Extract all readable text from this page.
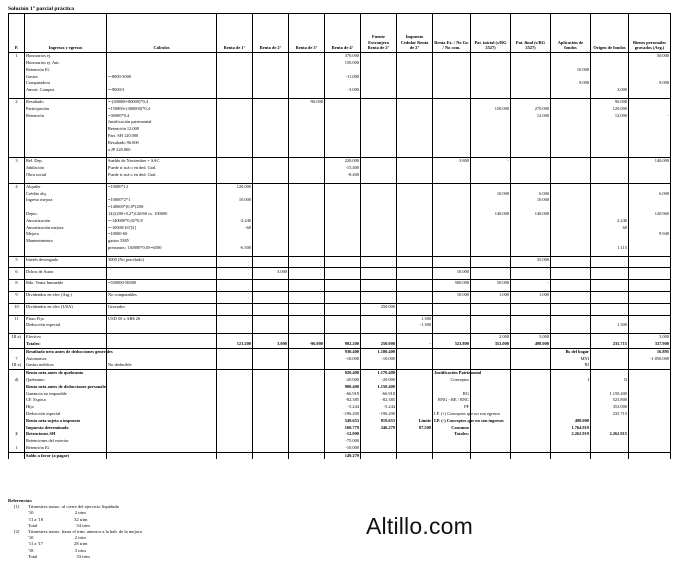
Solución 1° parcial práctica
P.	Ingresos y egresos	Cálculos	Renta de 1°	Renta de 2°	Renta de 3°	Renta de 4°	Fuente Extranjera Renta de 2°	Impuesto Cedular Renta de 2°	Renta Ex. / No Gr. / No com.	Pat. inicial (s/RG 2527)	Pat. final (s/RG 2527)	Aplicación de fondos	Origen de fondos	Bienes personales gravados (Arg.)
1	Honorarios ej.					370.000								50.000
	Honorarios ej. Ant.					150.000								
	Retención IG											10.000		
	Gastos	=-8000-3000				-11.000								
	Computadora											9.000		9.000
	Amort. Comput.	=-9000/3				-3.000							3.000	

2	Resultado	=-(300000-80000)*0,4			-96.000								96.000	
	Participación	=150000+(300000)*0,4								150.000	270.000		120.000	
	Retención	=30000*0,4									12.000		12.000	-
		Justificación patrimonial												
		Retención 12.000												
		Part. SH 120.000												
		Resultado 96.000												
		a JP 228.000												

3	Rel. Dep.	Sueldo de Noviembre + SAC				220.000			3.800	-				140.000
	Jubilación	Puede ir acá o en ded. Gral.				-15.400								
	Obra social	Puede ir acá o en ded. Gral.				-8.400								

4	Alquiler	=10000*12	120.000											
	Crédito alq.									10.000	6.000			6.000
	Ingreso mejora	=10000*2*1	10.000								10.000			
		=140000*(0,8*(200-												
	Depto.	14)/(200+0,2*)120/60 vs. 100000								140.000	140.000			120.960
	Amortización	=-140000*0,02*0,8	-2.240										2.240	
	Amortización mejora	=-10000/167[2]	-60										60	
	Mejora	=10000-60												9.940
	Mantenimiento	gastos 5385												
		presuntos: 130000*0,05=6500	-6.500										1.115	

5	Interés devengado	3000 (No percibido)									35.000			

6	Dchos de Autor			3.000					10.000					

8	Rdo. Venta Inmueble	=550000-50000							500.000	50.000	-			

9	Dividendos en efec (Arg.)	No computables							10.000	1.000	1.000			

10	Dividendos en efec (USA)	Gravados					250.000							

11	Plazo Fijo	USD 50 x AR$ 26						1.300						
	Deducción especial							-1.300					1.300	

III a)	Efectivo									2.000	5.000			5.000
	Totales:		121.200	3.000	-96.000	902.200	250.000	-	523.800	353.000	498.000		235.715	337.900
	Resultado neto antes de deducciones generales					930.400	1.180.400					Bs del hogar		16.895
7	Autonomos					-10.000	-10.000					MNI		-1.050.000
III a)	Gastos médicos	No deducible										BI		
	Renta neta antes de quebranto					920.400	1.170.400		Justificación Patrimonial					
d)	Quebranto					-20.000	-20.000		Conceptos			I	II	
	Renta neta antes de deducciones personales					900.400	1.150.400							
	Ganancia no imponible					-66.918	-66.918		RG				1.150.400	
	CF. Esposa					-82.385	-82.385		RNG - RE / RNC				523.800	
	Hijo					-5.244	-5.244		PF				353.000	
	Deducción especial					-196.200	-196.200		I.P. (+) Conceptos que no son egresos				235.715	
	Renta neta sujeta a impuesto					549.653	819.653	Límite	I.P. (-) Conceptos que no son ingresos			498.000		
	Impuesto determinado					160.779	246.279	87.500	Consumo			1.764.919		
2	Retenciones SH					-12.000			Totales:			2.262.919	2.262.915	
	Retenciones del exterior					-75.000								
1	Retención IG					-10.000								
	Saldo a favor (a pagar)					149.279								
Referencias:
[1] Trimestres transc. al cierre del ejercicio liquidado
'10                                    2 trim
'11 a '18                           32 trim
Total                                  34 trim
[2] Trimestres transc. hasta el trim. anterior a la hab. de la mejora.
'10                                    2 trim
'11 a '17                           28 trim
'18                                    3 trim
Total                                  33 trim
Altillo.com
